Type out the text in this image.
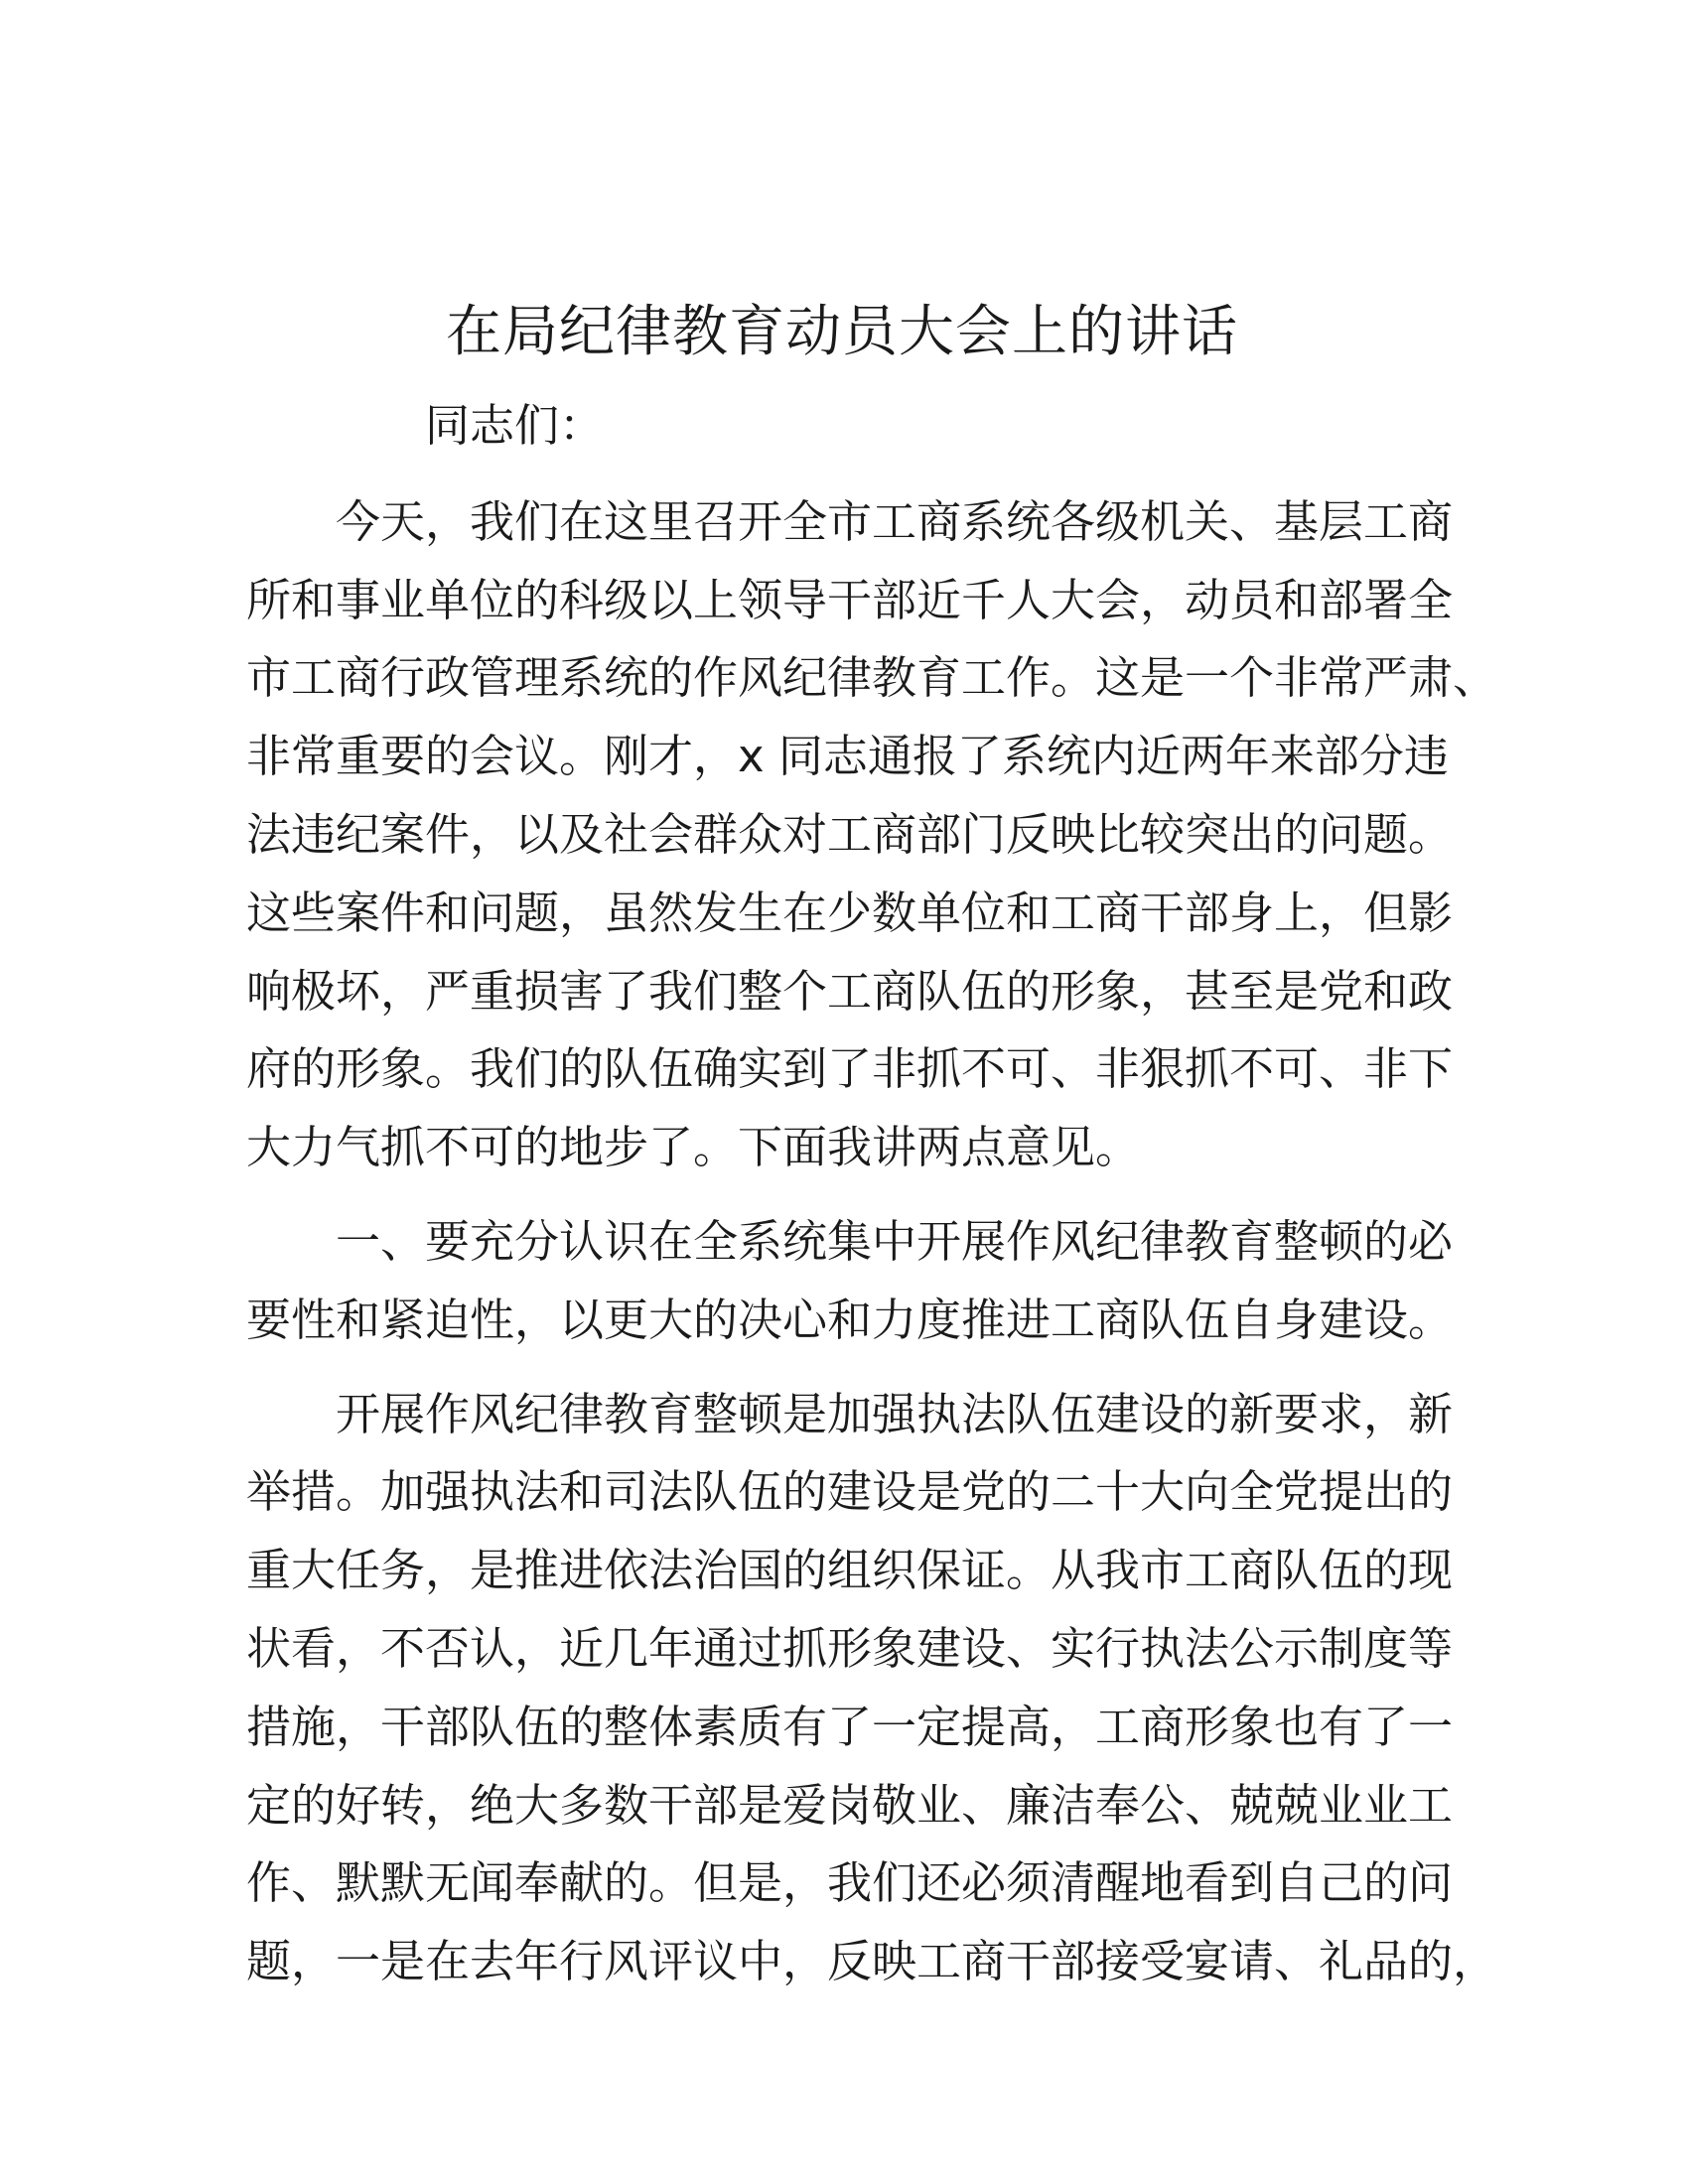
在局纪律教育动员大会上的讲话
同志们：
今天，我们在这里召开全市工商系统各级机关、基层工商
所和事业单位的科级以上领导干部近千人大会，动员和部署全
市工商行政管理系统的作风纪律教育工作。这是一个非常严肃、
非常重要的会议。刚才，x 同志通报了系统内近两年来部分违
法违纪案件，以及社会群众对工商部门反映比较突出的问题。
这些案件和问题，虽然发生在少数单位和工商干部身上，但影
响极坏，严重损害了我们整个工商队伍的形象，甚至是党和政
府的形象。我们的队伍确实到了非抓不可、非狠抓不可、非下
大力气抓不可的地步了。下面我讲两点意见。
一、要充分认识在全系统集中开展作风纪律教育整顿的必
要性和紧迫性，以更大的决心和力度推进工商队伍自身建设。
开展作风纪律教育整顿是加强执法队伍建设的新要求，新
举措。加强执法和司法队伍的建设是党的二十大向全党提出的
重大任务，是推进依法治国的组织保证。从我市工商队伍的现
状看，不否认，近几年通过抓形象建设、实行执法公示制度等
措施，干部队伍的整体素质有了一定提高，工商形象也有了一
定的好转，绝大多数干部是爱岗敬业、廉洁奉公、兢兢业业工
作、默默无闻奉献的。但是，我们还必须清醒地看到自己的问
题，一是在去年行风评议中，反映工商干部接受宴请、礼品的，
